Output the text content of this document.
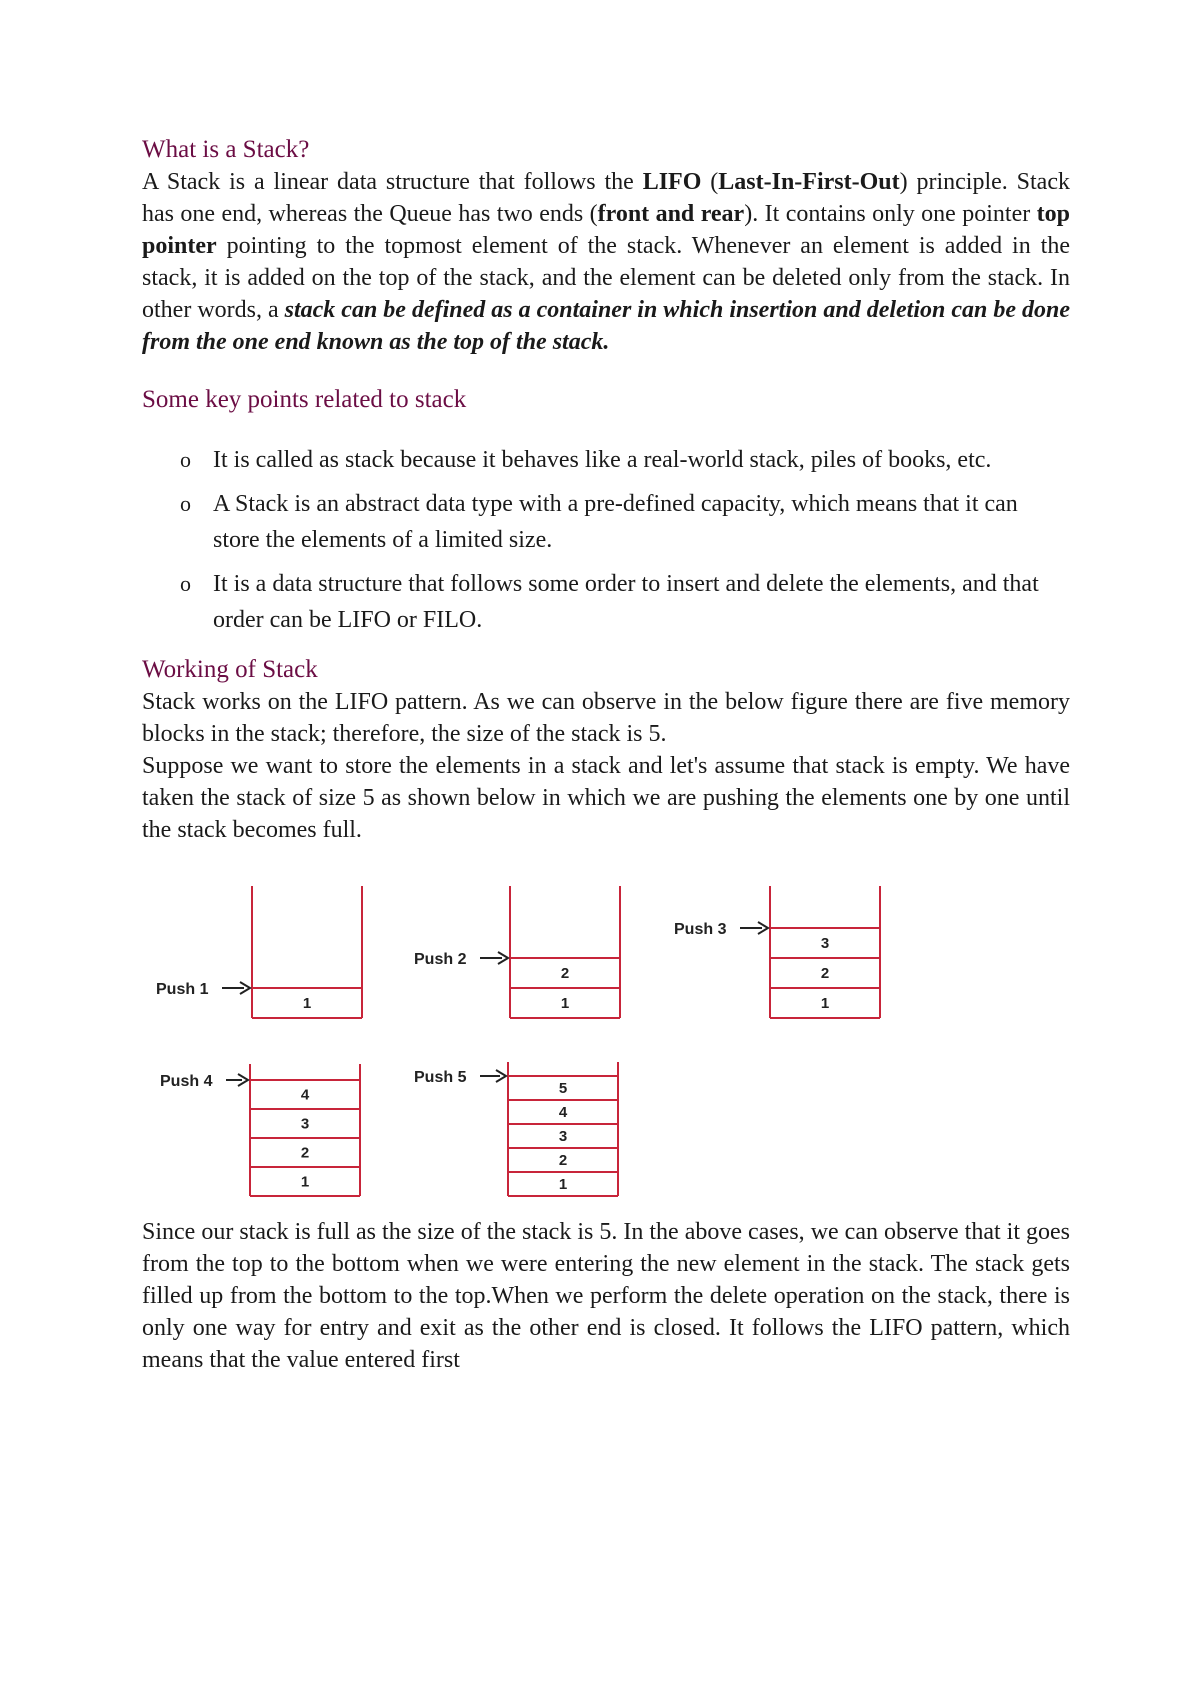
What is a Stack?

A Stack is a linear data structure that follows the LIFO (Last-In-First-Out) principle. Stack has one end, whereas the Queue has two ends (front and rear). It contains only one pointer top pointer pointing to the topmost element of the stack. Whenever an element is added in the stack, it is added on the top of the stack, and the element can be deleted only from the stack. In other words, a stack can be defined as a container in which insertion and deletion can be done from the one end known as the top of the stack.

Some key points related to stack
o It is called as stack because it behaves like a real-world stack, piles of books, etc.
o A Stack is an abstract data type with a pre-defined capacity, which means that it can store the elements of a limited size.
o It is a data structure that follows some order to insert and delete the elements, and that order can be LIFO or FILO.
Working of Stack

Stack works on the LIFO pattern. As we can observe in the below figure there are five memory blocks in the stack; therefore, the size of the stack is 5.

Suppose we want to store the elements in a stack and let's assume that stack is empty. We have taken the stack of size 5 as shown below in which we are pushing the elements one by one until the stack becomes full.

1
Push 1
1
2
Push 2
1
2
3
Push 3
1
2
3
4
Push 4
1
2
3
4
5
Push 5

Since our stack is full as the size of the stack is 5. In the above cases, we can observe that it goes from the top to the bottom when we were entering the new element in the stack. The stack gets filled up from the bottom to the top.When we perform the delete operation on the stack, there is only one way for entry and exit as the other end is closed. It follows the LIFO pattern, which means that the value entered first
